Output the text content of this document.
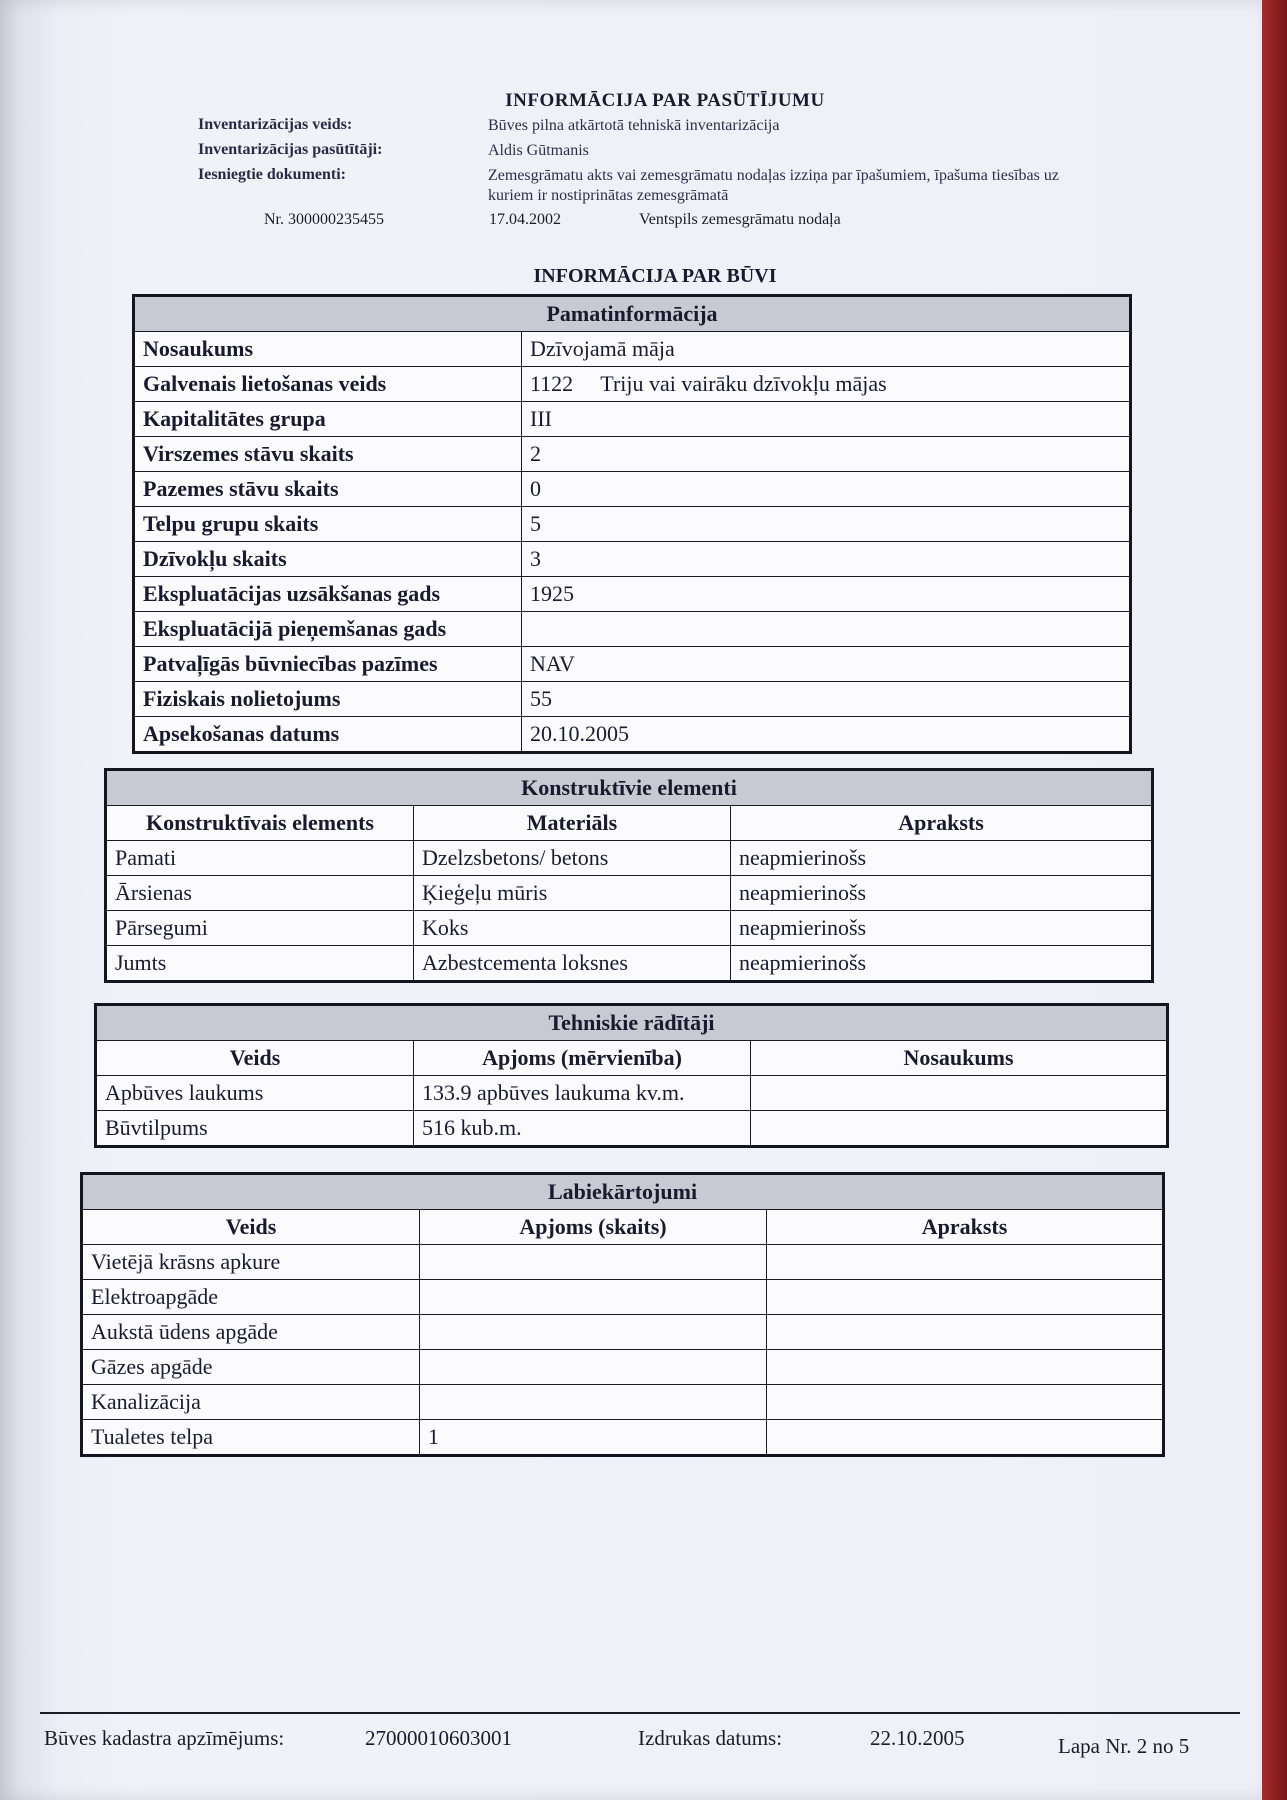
INFORMĀCIJA PAR PASŪTĪJUMU
Inventarizācijas veids:	Būves pilna atkārtotā tehniskā inventarizācija
Inventarizācijas pasūtītāji:	Aldis Gūtmanis
Iesniegtie dokumenti:	Zemesgrāmatu akts vai zemesgrāmatu nodaļas izziņa par īpašumiem, īpašuma tiesības uz kuriem ir nostiprinātas zemesgrāmatā
Nr. 300000235455	17.04.2002	Ventspils zemesgrāmatu nodaļa
INFORMĀCIJA PAR BŪVI
Pamatinformācija	
Nosaukums	Dzīvojamā māja
Galvenais lietošanas veids	1122     Triju vai vairāku dzīvokļu mājas
Kapitalitātes grupa	III
Virszemes stāvu skaits	2
Pazemes stāvu skaits	0
Telpu grupu skaits	5
Dzīvokļu skaits	3
Ekspluatācijas uzsākšanas gads	1925
Ekspluatācijā pieņemšanas gads	
Patvaļīgās būvniecības pazīmes	NAV
Fiziskais nolietojums	55
Apsekošanas datums	20.10.2005
Konstruktīvie elementi		
Konstruktīvais elements	Materiāls	Apraksts
Pamati	Dzelzsbetons/ betons	neapmierinošs
Ārsienas	Ķieģeļu mūris	neapmierinošs
Pārsegumi	Koks	neapmierinošs
Jumts	Azbestcementa loksnes	neapmierinošs
Tehniskie rādītāji		
Veids	Apjoms (mērvienība)	Nosaukums
Apbūves laukums	133.9 apbūves laukuma kv.m.	
Būvtilpums	516 kub.m.	
Labiekārtojumi		
Veids	Apjoms (skaits)	Apraksts
Vietējā krāsns apkure		
Elektroapgāde		
Aukstā ūdens apgāde		
Gāzes apgāde		
Kanalizācija		
Tualetes telpa	1	
Būves kadastra apzīmējums:	27000010603001	Izdrukas datums:	22.10.2005	Lapa Nr. 2 no 5
